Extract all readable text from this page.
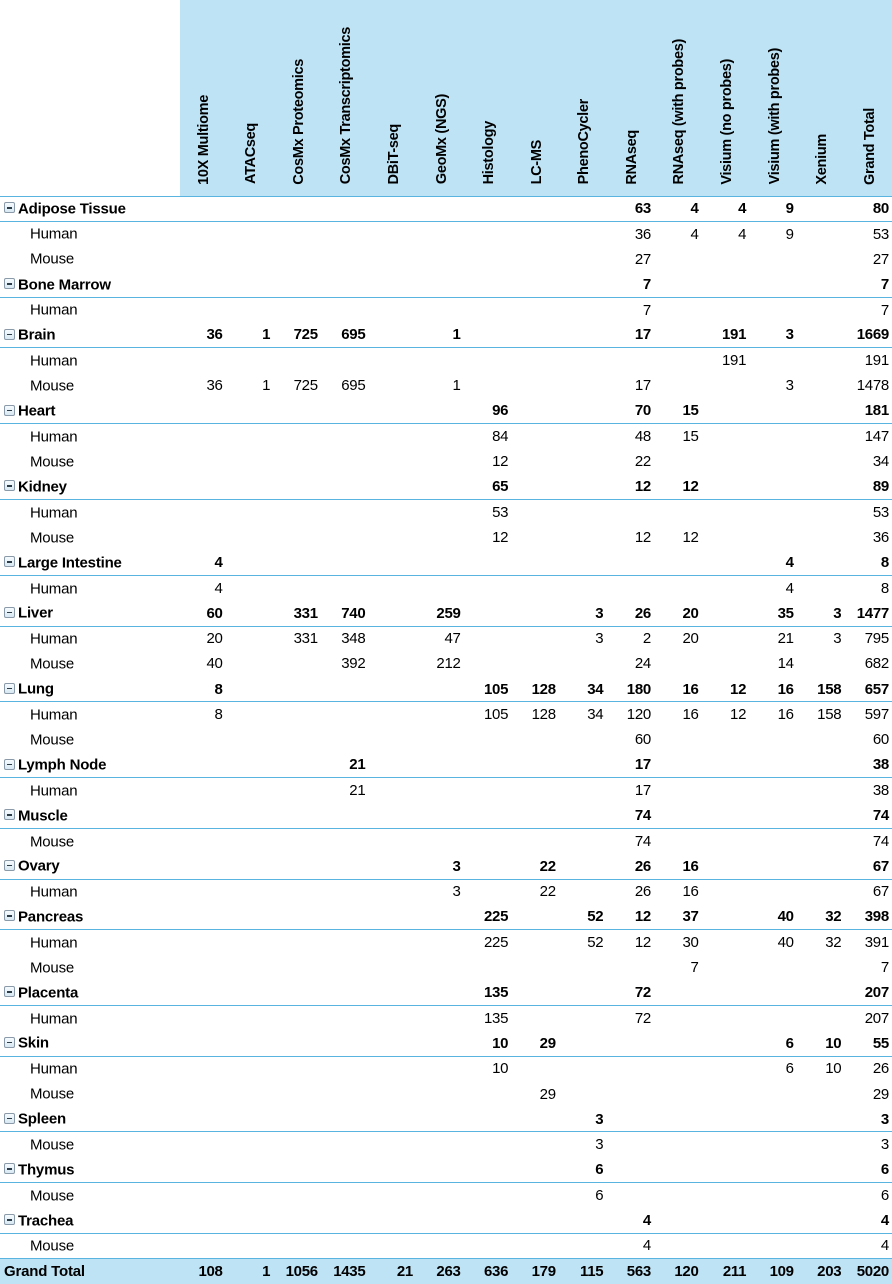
	10X Multiome	ATACseq	CosMx Proteomics	CosMx Transcriptomics	DBiT-seq	GeoMx (NGS)	Histology	LC-MS	PhenoCycler	RNAseq	RNAseq (with probes)	Visium (no probes)	Visium (with probes)	Xenium	Grand Total
Adipose Tissue										63	4	4	9		80
Human										36	4	4	9		53
Mouse										27					27
Bone Marrow										7					7
Human										7					7
Brain	36	1	725	695		1				17		191	3		1669
Human												191			191
Mouse	36	1	725	695		1				17			3		1478
Heart							96			70	15				181
Human							84			48	15				147
Mouse							12			22					34
Kidney							65			12	12				89
Human							53								53
Mouse							12			12	12				36
Large Intestine	4												4		8
Human	4												4		8
Liver	60		331	740		259			3	26	20		35	3	1477
Human	20		331	348		47			3	2	20		21	3	795
Mouse	40			392		212				24			14		682
Lung	8						105	128	34	180	16	12	16	158	657
Human	8						105	128	34	120	16	12	16	158	597
Mouse										60					60
Lymph Node				21						17					38
Human				21						17					38
Muscle										74					74
Mouse										74					74
Ovary						3		22		26	16				67
Human						3		22		26	16				67
Pancreas							225		52	12	37		40	32	398
Human							225		52	12	30		40	32	391
Mouse											7				7
Placenta							135			72					207
Human							135			72					207
Skin							10	29					6	10	55
Human							10						6	10	26
Mouse								29							29
Spleen									3						3
Mouse									3						3
Thymus									6						6
Mouse									6						6
Trachea										4					4
Mouse										4					4
Grand Total	108	1	1056	1435	21	263	636	179	115	563	120	211	109	203	5020
